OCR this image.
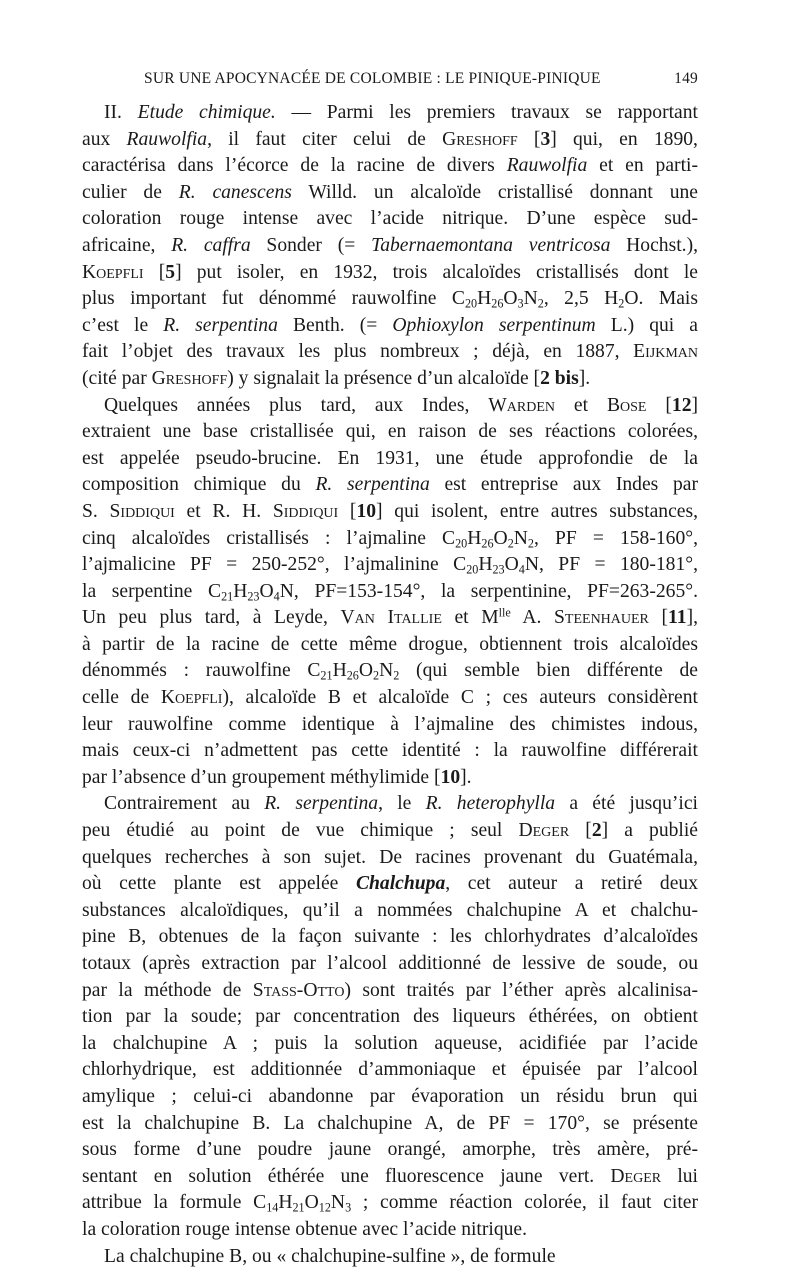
SUR UNE APOCYNACÉE DE COLOMBIE : LE PINIQUE-PINIQUE	149
II. Etude chimique. — Parmi les premiers travaux se rapportant
aux Rauwolfia, il faut citer celui de Greshoff [3] qui, en 1890,
caractérisa dans l’écorce de la racine de divers Rauwolfia et en parti-
culier de R. canescens Willd. un alcaloïde cristallisé donnant une
coloration rouge intense avec l’acide nitrique. D’une espèce sud-
africaine, R. caffra Sonder (= Tabernaemontana ventricosa Hochst.),
Koepfli [5] put isoler, en 1932, trois alcaloïdes cristallisés dont le
plus important fut dénommé rauwolfine $C_{20}H_{26}O_3N_2$, 2,5 $H_2O$. Mais
c’est le R. serpentina Benth. (= Ophioxylon serpentinum L.) qui a
fait l’objet des travaux les plus nombreux ; déjà, en 1887, Eijkman
(cité par Greshoff) y signalait la présence d’un alcaloïde [2 bis].
Quelques années plus tard, aux Indes, Warden et Bose [12]
extraient une base cristallisée qui, en raison de ses réactions colorées,
est appelée pseudo-brucine. En 1931, une étude approfondie de la
composition chimique du R. serpentina est entreprise aux Indes par
S. Siddiqui et R. H. Siddiqui [10] qui isolent, entre autres substances,
cinq alcaloïdes cristallisés : l’ajmaline $C_{20}H_{26}O_2N_2$, PF = 158-160°,
l’ajmalicine PF = 250-252°, l’ajmalinine $C_{20}H_{23}O_4N$, PF = 180-181°,
la serpentine $C_{21}H_{23}O_4N$, PF=153-154°, la serpentinine, PF=263-265°.
Un peu plus tard, à Leyde, Van Itallie et $M^{lle}$ A. Steenhauer [11],
à partir de la racine de cette même drogue, obtiennent trois alcaloïdes
dénommés : rauwolfine $C_{21}H_{26}O_2N_2$ (qui semble bien différente de
celle de Koepfli), alcaloïde B et alcaloïde C ; ces auteurs considèrent
leur rauwolfine comme identique à l’ajmaline des chimistes indous,
mais ceux-ci n’admettent pas cette identité : la rauwolfine différerait
par l’absence d’un groupement méthylimide [10].
Contrairement au R. serpentina, le R. heterophylla a été jusqu’ici
peu étudié au point de vue chimique ; seul Deger [2] a publié
quelques recherches à son sujet. De racines provenant du Guatémala,
où cette plante est appelée Chalchupa, cet auteur a retiré deux
substances alcaloïdiques, qu’il a nommées chalchupine A et chalchu-
pine B, obtenues de la façon suivante : les chlorhydrates d’alcaloïdes
totaux (après extraction par l’alcool additionné de lessive de soude, ou
par la méthode de Stass-Otto) sont traités par l’éther après alcalinisa-
tion par la soude; par concentration des liqueurs éthérées, on obtient
la chalchupine A ; puis la solution aqueuse, acidifiée par l’acide
chlorhydrique, est additionnée d’ammoniaque et épuisée par l’alcool
amylique ; celui-ci abandonne par évaporation un résidu brun qui
est la chalchupine B. La chalchupine A, de PF = 170°, se présente
sous forme d’une poudre jaune orangé, amorphe, très amère, pré-
sentant en solution éthérée une fluorescence jaune vert. Deger lui
attribue la formule $C_{14}H_{21}O_{12}N_3$ ; comme réaction colorée, il faut citer
la coloration rouge intense obtenue avec l’acide nitrique.
La chalchupine B, ou « chalchupine-sulfine », de formule
